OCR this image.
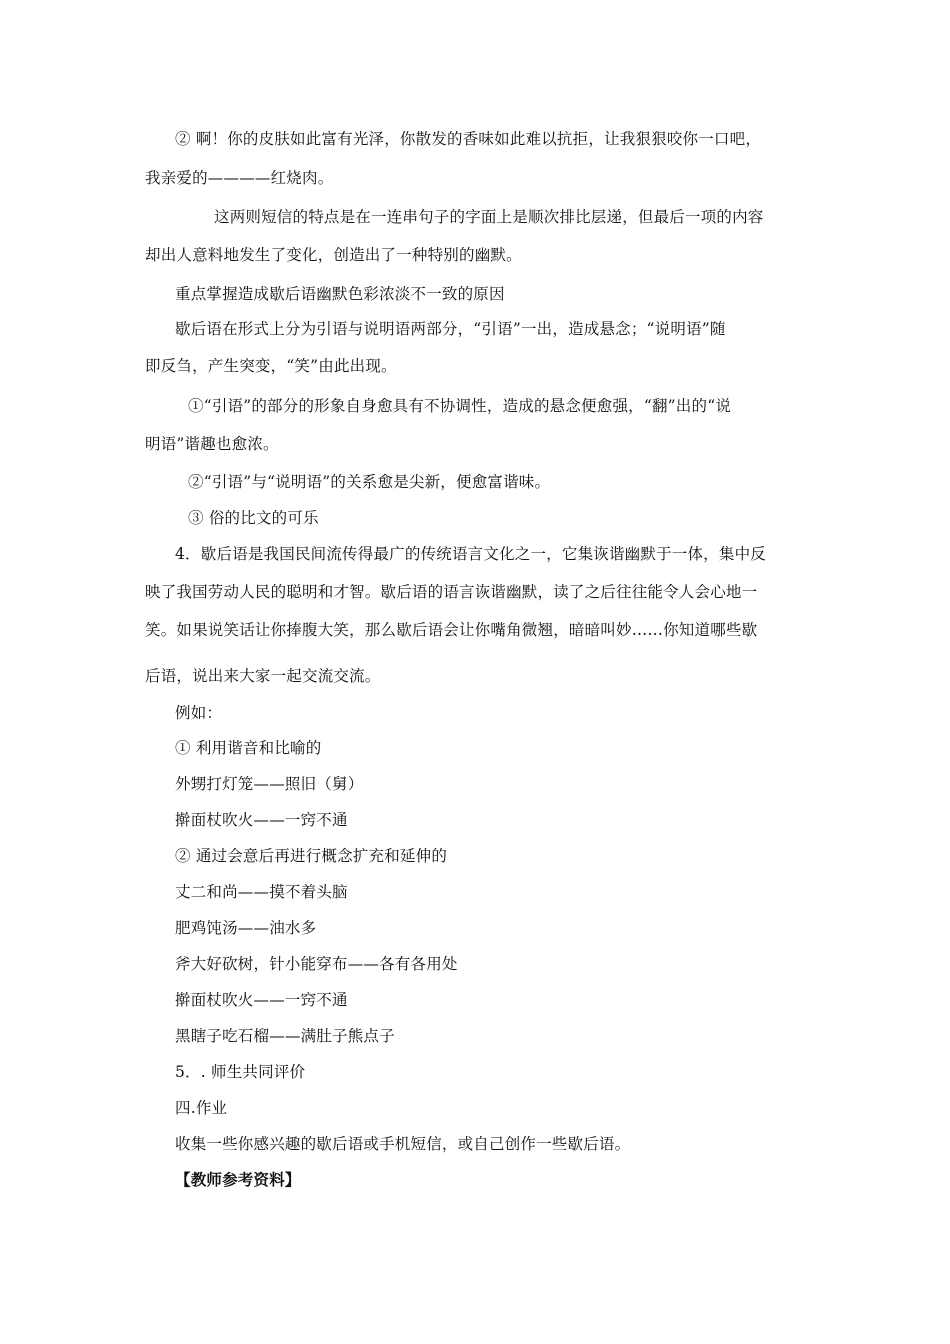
② 啊！你的皮肤如此富有光泽，你散发的香味如此难以抗拒，让我狠狠咬你一口吧，
我亲爱的————红烧肉。
这两则短信的特点是在一连串句子的字面上是顺次排比层递，但最后一项的内容
却出人意料地发生了变化，创造出了一种特别的幽默。
重点掌握造成歇后语幽默色彩浓淡不一致的原因
歇后语在形式上分为引语与说明语两部分，“引语”一出，造成悬念；“说明语”随
即反刍，产生突变，“笑”由此出现。
①“引语”的部分的形象自身愈具有不协调性，造成的悬念便愈强，“翻”出的“说
明语”谐趣也愈浓。
②“引语”与“说明语”的关系愈是尖新，便愈富谐味。
③ 俗的比文的可乐
4．歇后语是我国民间流传得最广的传统语言文化之一，它集诙谐幽默于一体，集中反
映了我国劳动人民的聪明和才智。歇后语的语言诙谐幽默，读了之后往往能令人会心地一
笑。如果说笑话让你捧腹大笑，那么歇后语会让你嘴角微翘，暗暗叫妙……你知道哪些歇
后语，说出来大家一起交流交流。
例如：
① 利用谐音和比喻的
外甥打灯笼——照旧（舅）
擀面杖吹火——一窍不通
② 通过会意后再进行概念扩充和延伸的
丈二和尚——摸不着头脑
肥鸡饨汤——油水多
斧大好砍树，针小能穿布——各有各用处
擀面杖吹火——一窍不通
黑瞎子吃石榴——满肚子熊点子
5．. 师生共同评价
四.作业
收集一些你感兴趣的歇后语或手机短信，或自己创作一些歇后语。
【教师参考资料】
